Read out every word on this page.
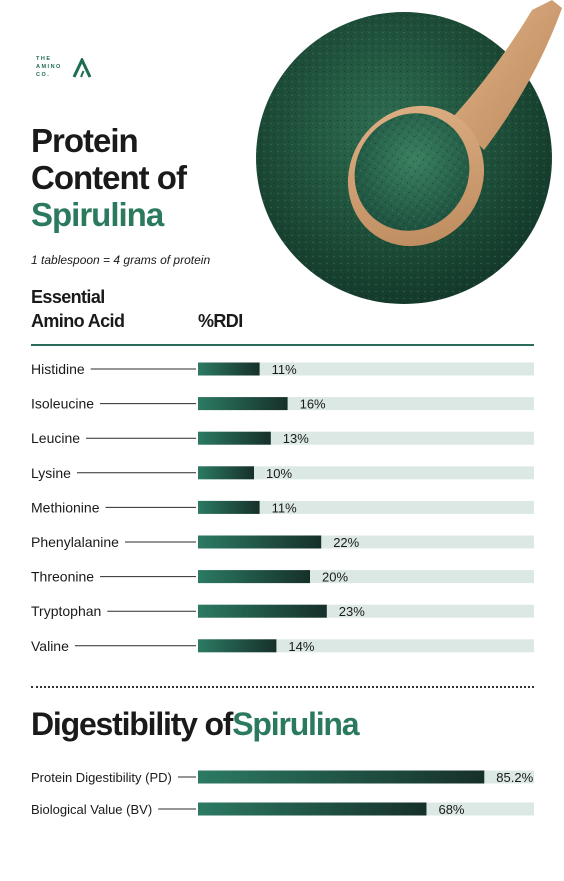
THE
AMINO
CO.
Protein
Content of
Spirulina
1 tablespoon = 4 grams of protein
Essential
Amino Acid	%RDI
Histidine	11%
Isoleucine	16%
Leucine	13%
Lysine	10%
Methionine	11%
Phenylalanine	22%
Threonine	20%
Tryptophan	23%
Valine	14%
Digestibility ofSpirulina
Protein Digestibility (PD)	85.2%
Biological Value (BV)	68%
